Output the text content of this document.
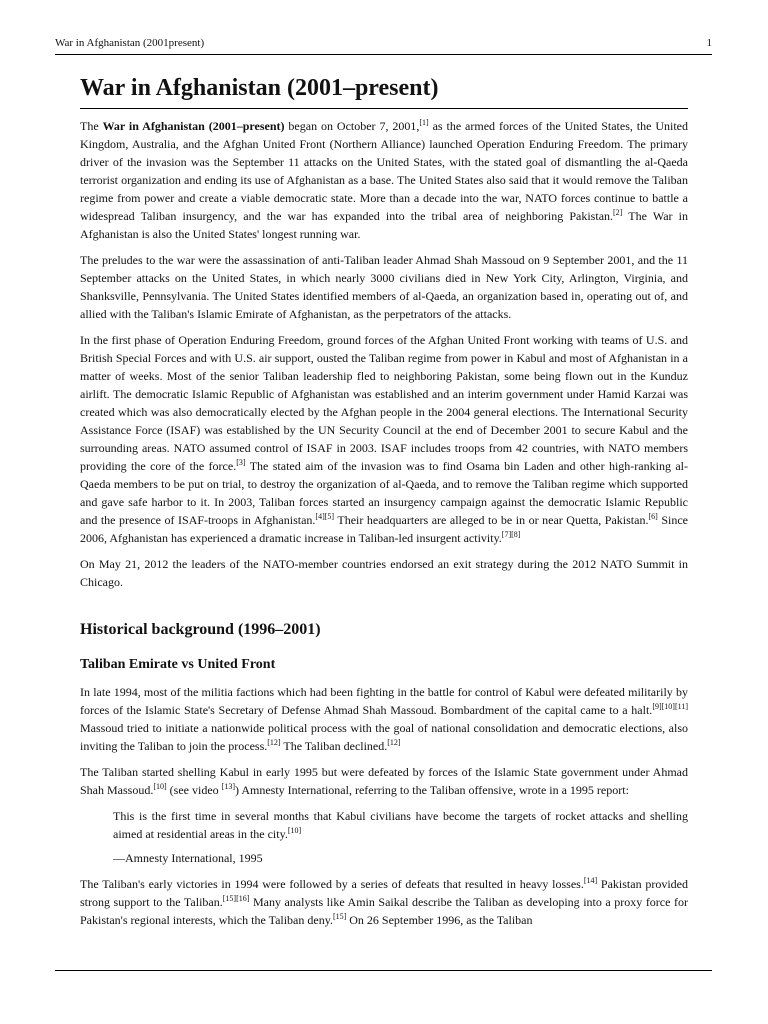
War in Afghanistan (2001present)	1
War in Afghanistan (2001–present)

The War in Afghanistan (2001–present) began on October 7, 2001,[1] as the armed forces of the United States, the United Kingdom, Australia, and the Afghan United Front (Northern Alliance) launched Operation Enduring Freedom. The primary driver of the invasion was the September 11 attacks on the United States, with the stated goal of dismantling the al-Qaeda terrorist organization and ending its use of Afghanistan as a base. The United States also said that it would remove the Taliban regime from power and create a viable democratic state. More than a decade into the war, NATO forces continue to battle a widespread Taliban insurgency, and the war has expanded into the tribal area of neighboring Pakistan.[2] The War in Afghanistan is also the United States' longest running war.

The preludes to the war were the assassination of anti-Taliban leader Ahmad Shah Massoud on 9 September 2001, and the 11 September attacks on the United States, in which nearly 3000 civilians died in New York City, Arlington, Virginia, and Shanksville, Pennsylvania. The United States identified members of al-Qaeda, an organization based in, operating out of, and allied with the Taliban's Islamic Emirate of Afghanistan, as the perpetrators of the attacks.

In the first phase of Operation Enduring Freedom, ground forces of the Afghan United Front working with teams of U.S. and British Special Forces and with U.S. air support, ousted the Taliban regime from power in Kabul and most of Afghanistan in a matter of weeks. Most of the senior Taliban leadership fled to neighboring Pakistan, some being flown out in the Kunduz airlift. The democratic Islamic Republic of Afghanistan was established and an interim government under Hamid Karzai was created which was also democratically elected by the Afghan people in the 2004 general elections. The International Security Assistance Force (ISAF) was established by the UN Security Council at the end of December 2001 to secure Kabul and the surrounding areas. NATO assumed control of ISAF in 2003. ISAF includes troops from 42 countries, with NATO members providing the core of the force.[3] The stated aim of the invasion was to find Osama bin Laden and other high-ranking al-Qaeda members to be put on trial, to destroy the organization of al-Qaeda, and to remove the Taliban regime which supported and gave safe harbor to it. In 2003, Taliban forces started an insurgency campaign against the democratic Islamic Republic and the presence of ISAF-troops in Afghanistan.[4][5] Their headquarters are alleged to be in or near Quetta, Pakistan.[6] Since 2006, Afghanistan has experienced a dramatic increase in Taliban-led insurgent activity.[7][8]

On May 21, 2012 the leaders of the NATO-member countries endorsed an exit strategy during the 2012 NATO Summit in Chicago.

Historical background (1996–2001)
Taliban Emirate vs United Front

In late 1994, most of the militia factions which had been fighting in the battle for control of Kabul were defeated militarily by forces of the Islamic State's Secretary of Defense Ahmad Shah Massoud. Bombardment of the capital came to a halt.[9][10][11] Massoud tried to initiate a nationwide political process with the goal of national consolidation and democratic elections, also inviting the Taliban to join the process.[12] The Taliban declined.[12]

The Taliban started shelling Kabul in early 1995 but were defeated by forces of the Islamic State government under Ahmad Shah Massoud.[10] (see video [13]) Amnesty International, referring to the Taliban offensive, wrote in a 1995 report:

This is the first time in several months that Kabul civilians have become the targets of rocket attacks and shelling aimed at residential areas in the city.[10]
—Amnesty International, 1995

The Taliban's early victories in 1994 were followed by a series of defeats that resulted in heavy losses.[14] Pakistan provided strong support to the Taliban.[15][16] Many analysts like Amin Saikal describe the Taliban as developing into a proxy force for Pakistan's regional interests, which the Taliban deny.[15] On 26 September 1996, as the Taliban
